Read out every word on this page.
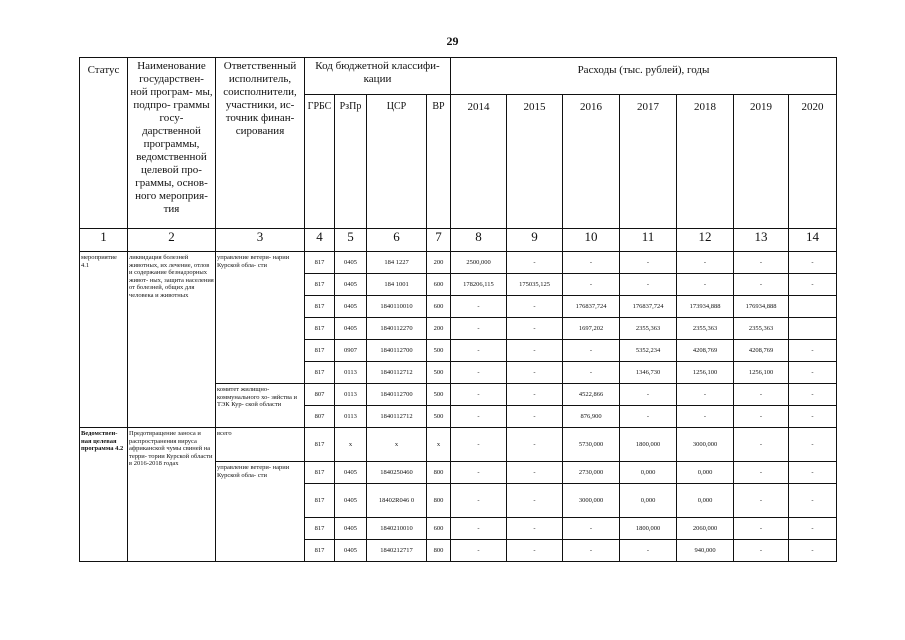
29
Статус	Наименование государствен- ной програм- мы, подпро- граммы госу- дарственной программы, ведомственной целевой про- граммы, основ- ного мероприя- тия	Ответственный исполнитель, соисполнители, участники, ис- точник финан- сирования	Код бюджетной классифи- кации				Расходы (тыс. рублей), годы						
			ГРБС	РзПр	ЦСР	ВР	2014	2015	2016	2017	2018	2019	2020
1	2	3	4	5	6	7	8	9	10	11	12	13	14
мероприятие 4.1	ликвидация болезней животных, их лечение, отлов и содержание безнадзорных живот- ных, защита населения от болезней, общих для человека и животных	управление ветери- нарии Курской обла- сти	817	0405	184 1227	200	2500,000	-	-	-	-	-	-
			817	0405	184 1001	600	178206,115	175035,125	-	-	-	-	-
			817	0405	1840110010	600	-	-	176837,724	176837,724	173934,888	176934,888	
			817	0405	1840112270	200	-	-	1697,202	2355,363	2355,363	2355,363	
			817	0907	1840112700	500	-	-	-	5352,234	4208,769	4208,769	-
			817	0113	1840112712	500	-	-	-	1346,730	1256,100	1256,100	-
		комитет жилищно- коммунального хо- зяйства и ТЭК Кур- ской области	807	0113	1840112700	500	-	-	4522,866	-	-	-	-
			807	0113	1840112712	500	-	-	876,900	-	-	-	-
Ведомствен- ная целевая программа 4.2	Предотвращение заноса и распространения вируса африканской чумы свиней на терри- тории Курской области в 2016-2018 годах	всего	817	х	х	х	-	-	5730,000	1800,000	3000,000	-	-
		управление ветери- нарии Курской обла- сти	817	0405	1840250460	800	-	-	2730,000	0,000	0,000	-	-
			817	0405	18402R046 0	800	-	-	3000,000	0,000	0,000	-	-
			817	0405	1840210010	600	-	-	-	1800,000	2060,000	-	-
			817	0405	1840212717	800	-	-	-	-	940,000	-	-
